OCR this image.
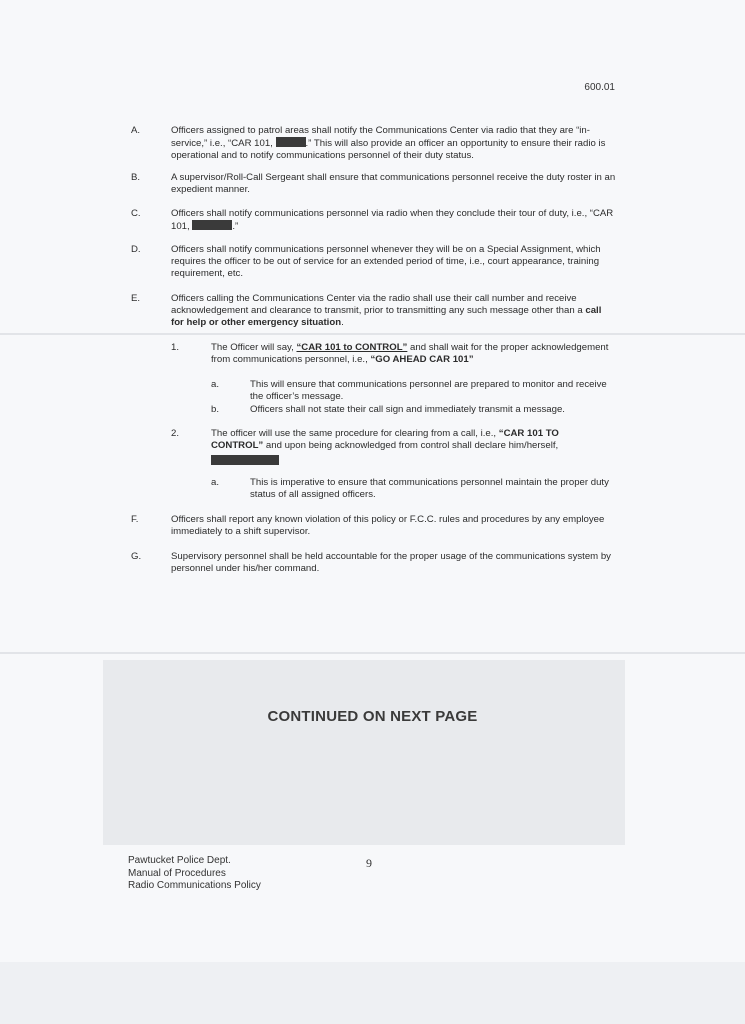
600.01
A.	Officers assigned to patrol areas shall notify the Communications Center via radio that they are “in-service,” i.e., “CAR 101,	.” This will also provide an officer an opportunity to ensure their radio is operational and to notify communications personnel of their duty status.
B.	A supervisor/Roll-Call Sergeant shall ensure that communications personnel receive the duty roster in an expedient manner.
C.	Officers shall notify communications personnel via radio when they conclude their tour of duty, i.e., “CAR 101,	.”
D.	Officers shall notify communications personnel whenever they will be on a Special Assignment, which requires the officer to be out of service for an extended period of time, i.e., court appearance, training requirement, etc.
E.	Officers calling the Communications Center via the radio shall use their call number and receive acknowledgement and clearance to transmit, prior to transmitting any such message other than a call for help or other emergency situation.
1.	The Officer will say, “CAR 101 to CONTROL” and shall wait for the proper acknowledgement from communications personnel, i.e., “GO AHEAD CAR 101”
a.	This will ensure that communications personnel are prepared to monitor and receive the officer’s message.
b.	Officers shall not state their call sign and immediately transmit a message.
2.	The officer will use the same procedure for clearing from a call, i.e., “CAR 101 TO CONTROL” and upon being acknowledged from control shall declare him/herself,

a.	This is imperative to ensure that communications personnel maintain the proper duty status of all assigned officers.
F.	Officers shall report any known violation of this policy or F.C.C. rules and procedures by any employee immediately to a shift supervisor.
G.	Supervisory personnel shall be held accountable for the proper usage of the communications system by personnel under his/her command.
CONTINUED ON NEXT PAGE
Pawtucket Police Dept.
Manual of Procedures
Radio Communications Policy
9
